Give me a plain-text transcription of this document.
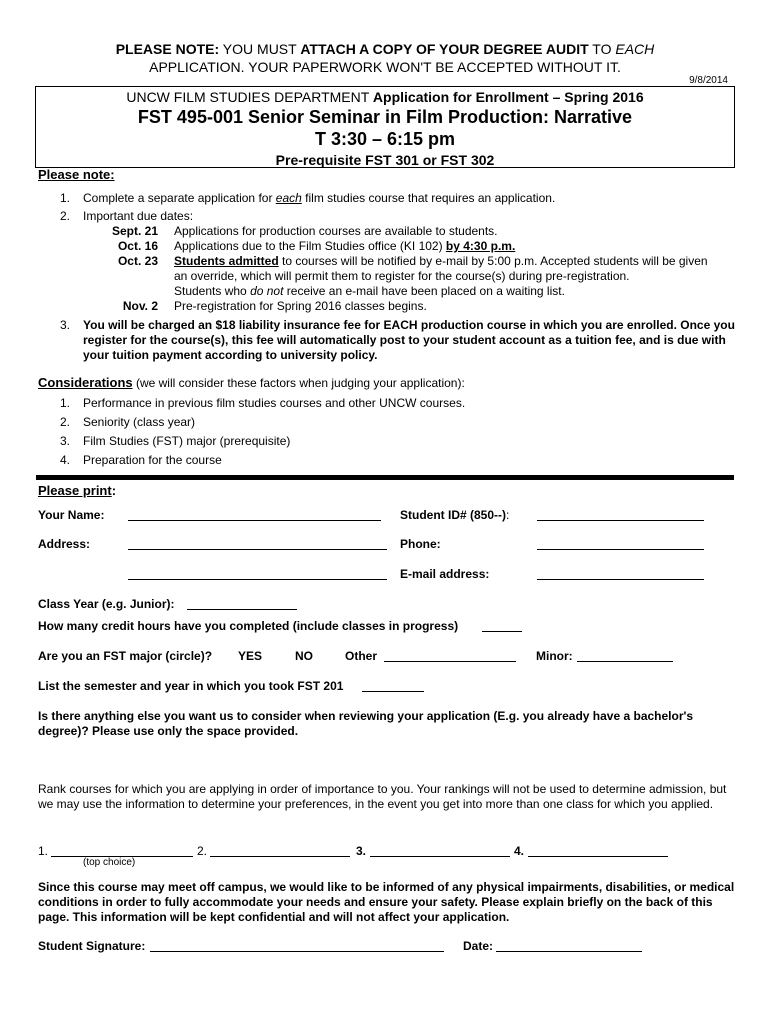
PLEASE NOTE: YOU MUST ATTACH A COPY OF YOUR DEGREE AUDIT TO EACH
APPLICATION. YOUR PAPERWORK WON'T BE ACCEPTED WITHOUT IT.
9/8/2014
UNCW FILM STUDIES DEPARTMENT Application for Enrollment – Spring 2016
FST 495-001 Senior Seminar in Film Production: Narrative
T 3:30 – 6:15 pm
Pre-requisite FST 301 or FST 302
Please note:
1. Complete a separate application for each film studies course that requires an application.
2. Important due dates:
Sept. 21	Applications for production courses are available to students.
Oct. 16	Applications due to the Film Studies office (KI 102) by 4:30 p.m.
Oct. 23	Students admitted to courses will be notified by e-mail by 5:00 p.m. Accepted students will be given an override, which will permit them to register for the course(s) during pre-registration.
Students who do not receive an e-mail have been placed on a waiting list.
Nov. 2	Pre-registration for Spring 2016 classes begins.
3. You will be charged an $18 liability insurance fee for EACH production course in which you are enrolled. Once you register for the course(s), this fee will automatically post to your student account as a tuition fee, and is due with your tuition payment according to university policy.
Considerations (we will consider these factors when judging your application):
1. Performance in previous film studies courses and other UNCW courses.
2. Seniority (class year)
3. Film Studies (FST) major (prerequisite)
4. Preparation for the course
Please print:
Your Name:	Student ID# (850--):
Address:	Phone:
E-mail address:
Class Year (e.g. Junior):
How many credit hours have you completed (include classes in progress)
Are you an FST major (circle)? YES	NO	Other	Minor:
List the semester and year in which you took FST 201
Is there anything else you want us to consider when reviewing your application (E.g. you already have a bachelor's degree)? Please use only the space provided.
Rank courses for which you are applying in order of importance to you. Your rankings will not be used to determine admission, but we may use the information to determine your preferences, in the event you get into more than one class for which you applied.
1.	2.	3.	4.
(top choice)
Since this course may meet off campus, we would like to be informed of any physical impairments, disabilities, or medical conditions in order to fully accommodate your needs and ensure your safety. Please explain briefly on the back of this page. This information will be kept confidential and will not affect your application.
Student Signature:	Date:
